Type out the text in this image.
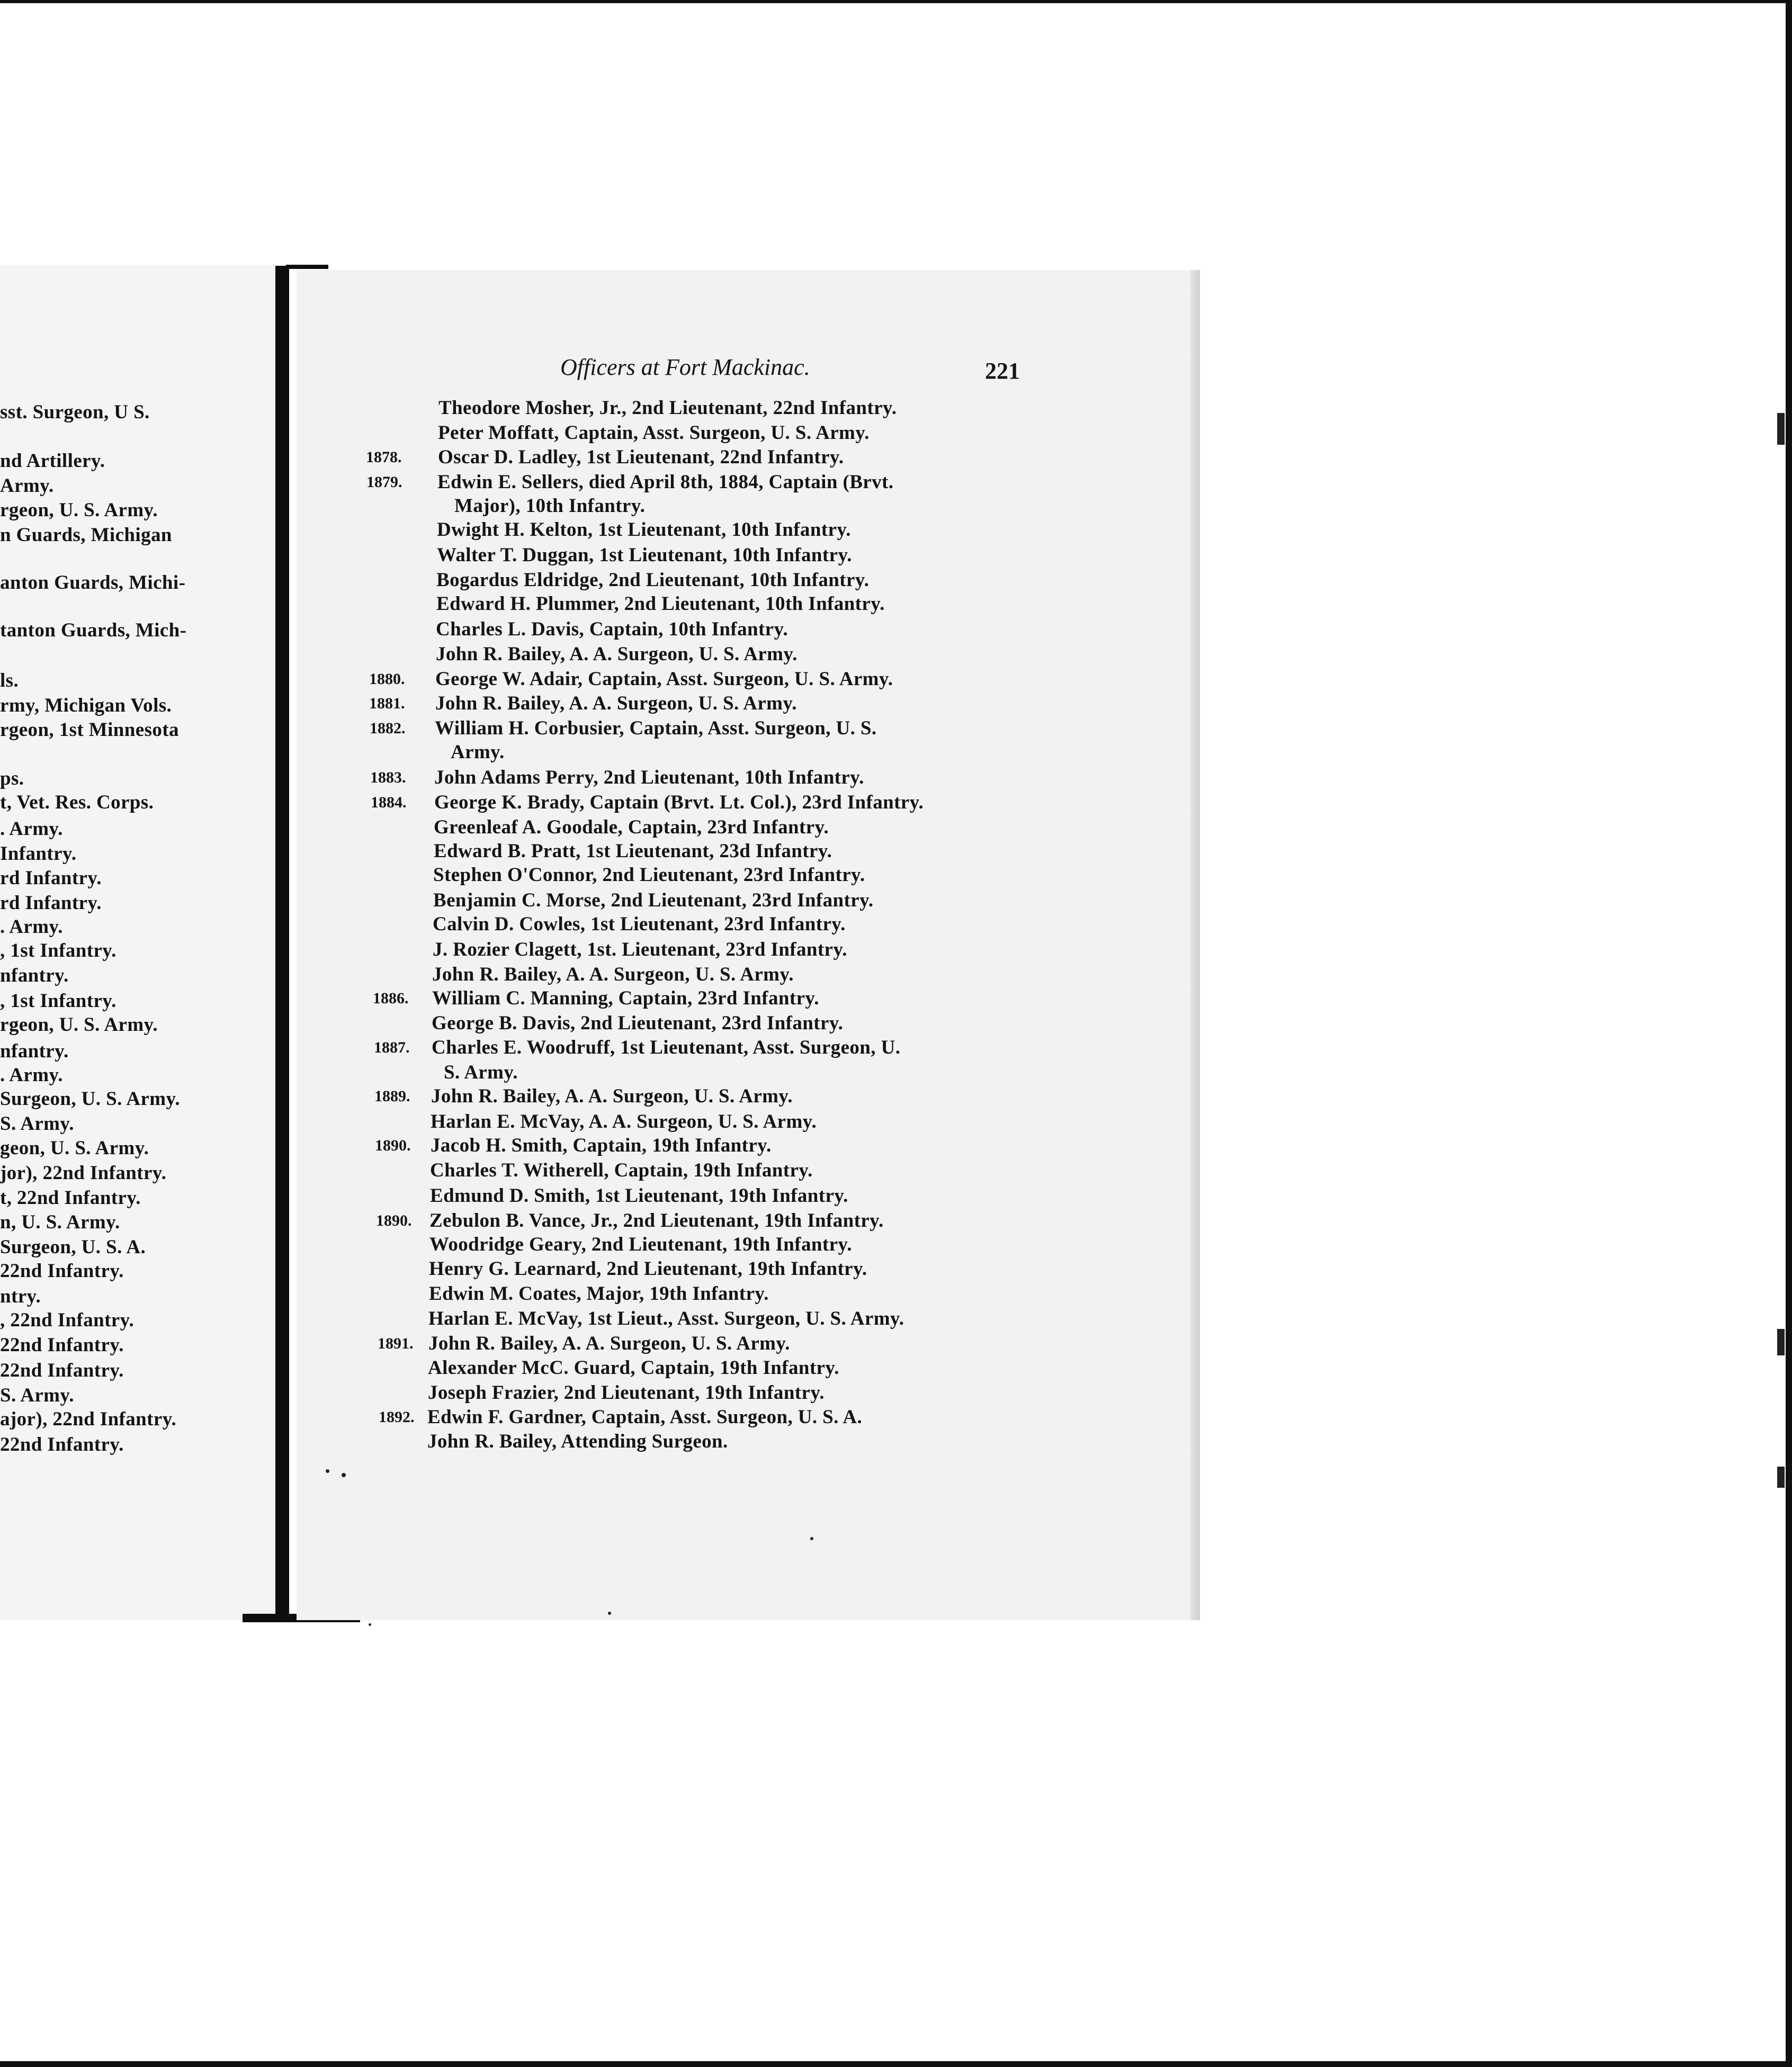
Officers at Fort Mackinac.	221
sst. Surgeon, U S.
nd Artillery.
Army.
rgeon, U. S. Army.
n Guards, Michigan
anton Guards, Michi-
tanton Guards, Mich-
ls.
rmy, Michigan Vols.
rgeon, 1st Minnesota
ps.
t, Vet. Res. Corps.
. Army.
Infantry.
rd Infantry.
rd Infantry.
. Army.
, 1st Infantry.
nfantry.
, 1st Infantry.
rgeon, U. S. Army.
nfantry.
. Army.
Surgeon, U. S. Army.
S. Army.
geon, U. S. Army.
jor), 22nd Infantry.
t, 22nd Infantry.
n, U. S. Army.
Surgeon, U. S. A.
22nd Infantry.
ntry.
, 22nd Infantry.
22nd Infantry.
22nd Infantry.
S. Army.
ajor), 22nd Infantry.
22nd Infantry.
Theodore Mosher, Jr., 2nd Lieutenant, 22nd Infantry.
Peter Moffatt, Captain, Asst. Surgeon, U. S. Army.
1878. Oscar D. Ladley, 1st Lieutenant, 22nd Infantry.
1879. Edwin E. Sellers, died April 8th, 1884, Captain (Brvt.
Major), 10th Infantry.
Dwight H. Kelton, 1st Lieutenant, 10th Infantry.
Walter T. Duggan, 1st Lieutenant, 10th Infantry.
Bogardus Eldridge, 2nd Lieutenant, 10th Infantry.
Edward H. Plummer, 2nd Lieutenant, 10th Infantry.
Charles L. Davis, Captain, 10th Infantry.
John R. Bailey, A. A. Surgeon, U. S. Army.
1880. George W. Adair, Captain, Asst. Surgeon, U. S. Army.
1881. John R. Bailey, A. A. Surgeon, U. S. Army.
1882. William H. Corbusier, Captain, Asst. Surgeon, U. S.
Army.
1883. John Adams Perry, 2nd Lieutenant, 10th Infantry.
1884. George K. Brady, Captain (Brvt. Lt. Col.), 23rd Infantry.
Greenleaf A. Goodale, Captain, 23rd Infantry.
Edward B. Pratt, 1st Lieutenant, 23d Infantry.
Stephen O'Connor, 2nd Lieutenant, 23rd Infantry.
Benjamin C. Morse, 2nd Lieutenant, 23rd Infantry.
Calvin D. Cowles, 1st Lieutenant, 23rd Infantry.
J. Rozier Clagett, 1st. Lieutenant, 23rd Infantry.
John R. Bailey, A. A. Surgeon, U. S. Army.
1886. William C. Manning, Captain, 23rd Infantry.
George B. Davis, 2nd Lieutenant, 23rd Infantry.
1887. Charles E. Woodruff, 1st Lieutenant, Asst. Surgeon, U.
S. Army.
1889. John R. Bailey, A. A. Surgeon, U. S. Army.
Harlan E. McVay, A. A. Surgeon, U. S. Army.
1890. Jacob H. Smith, Captain, 19th Infantry.
Charles T. Witherell, Captain, 19th Infantry.
Edmund D. Smith, 1st Lieutenant, 19th Infantry.
1890. Zebulon B. Vance, Jr., 2nd Lieutenant, 19th Infantry.
Woodridge Geary, 2nd Lieutenant, 19th Infantry.
Henry G. Learnard, 2nd Lieutenant, 19th Infantry.
Edwin M. Coates, Major, 19th Infantry.
Harlan E. McVay, 1st Lieut., Asst. Surgeon, U. S. Army.
1891. John R. Bailey, A. A. Surgeon, U. S. Army.
Alexander McC. Guard, Captain, 19th Infantry.
Joseph Frazier, 2nd Lieutenant, 19th Infantry.
1892. Edwin F. Gardner, Captain, Asst. Surgeon, U. S. A.
John R. Bailey, Attending Surgeon.
